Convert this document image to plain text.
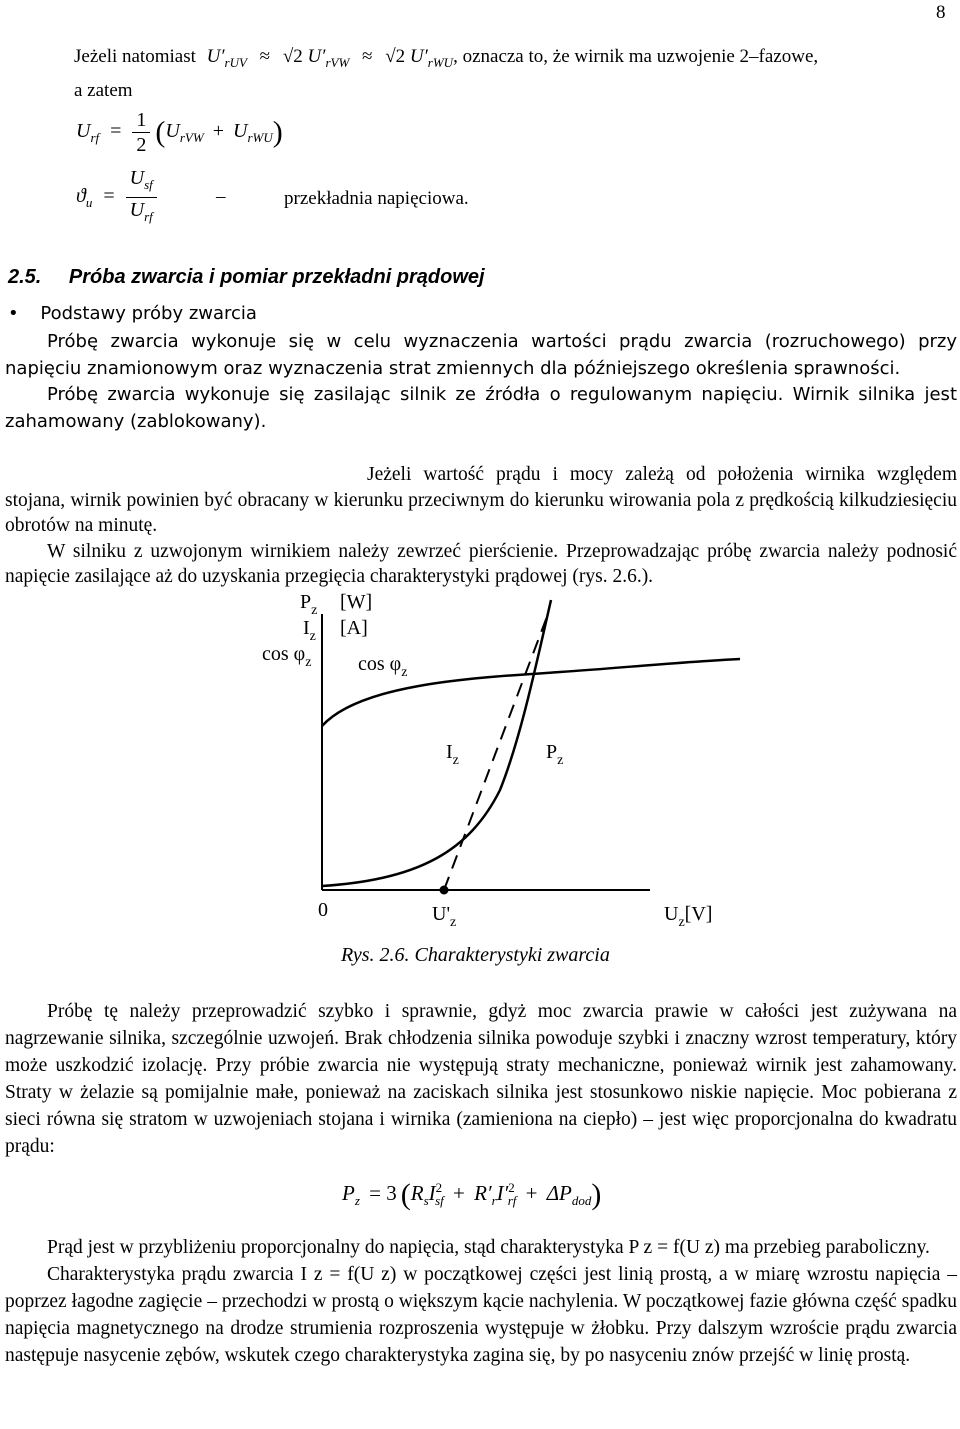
8
Jeżeli natomiast $U'_{rUV} \approx √2$ $U'_{rVW} \approx √2$ $U'_{rWU}$, oznacza to, że wirnik ma uzwojenie 2–fazowe,
a zatem
$U_{rf} = \frac{1}{2} (U_{rVW} + U_{rWU})$
$ϑ_u = \frac{U_{sf}}{U_{rf}}$	–	przekładnia napięciowa.
2.5. Próba zwarcia i pomiar przekładni prądowej
• Podstawy próby zwarcia

Próbę zwarcia wykonuje się w celu wyznaczenia wartości prądu zwarcia (rozruchowego) przy napięciu znamionowym oraz wyznaczenia strat zmiennych dla późniejszego określenia sprawności.

Próbę zwarcia wykonuje się zasilając silnik ze źródła o regulowanym napięciu. Wirnik silnika jest zahamowany (zablokowany).

Jeżeli wartość prądu i mocy zależą od położenia wirnika względem stojana, wirnik powinien być obracany w kierunku przeciwnym do kierunku wirowania pola z prędkością kilkudziesięciu obrotów na minutę.

W silniku z uzwojonym wirnikiem należy zewrzeć pierścienie. Przeprowadzając próbę zwarcia należy podnosić napięcie zasilające aż do uzyskania przegięcia charakterystyki prądowej (rys. 2.6.).

$P_z$ [W]
$I_z$ [A]
$\cos \varphi_z$ $\cos \varphi_z$
$I_z$	$P_z$
0	$U'_z$	$U_z[V]$
Rys. 2.6. Charakterystyki zwarcia

Próbę tę należy przeprowadzić szybko i sprawnie, gdyż moc zwarcia prawie w całości jest zużywana na nagrzewanie silnika, szczególnie uzwojeń. Brak chłodzenia silnika powoduje szybki i znaczny wzrost temperatury, który może uszkodzić izolację. Przy próbie zwarcia nie występują straty mechaniczne, ponieważ wirnik jest zahamowany. Straty w żelazie są pomijalnie małe, ponieważ na zaciskach silnika jest stosunkowo niskie napięcie. Moc pobierana z sieci równa się stratom w uzwojeniach stojana i wirnika (zamieniona na ciepło) – jest więc proporcjonalna do kwadratu prądu:

$P_z = 3$ $(R_sI^2_{sf} + R'_rI'^2_{rf} + \Delta P_{dod})$

Prąd jest w przybliżeniu proporcjonalny do napięcia, stąd charakterystyka P z = f(U z) ma przebieg paraboliczny.

Charakterystyka prądu zwarcia I z = f(U z) w początkowej części jest linią prostą, a w miarę wzrostu napięcia – poprzez łagodne zagięcie – przechodzi w prostą o większym kącie nachylenia. W początkowej fazie główna część spadku napięcia magnetycznego na drodze strumienia rozproszenia występuje w żłobku. Przy dalszym wzroście prądu zwarcia następuje nasycenie zębów, wskutek czego charakterystyka zagina się, by po nasyceniu znów przejść w linię prostą.
